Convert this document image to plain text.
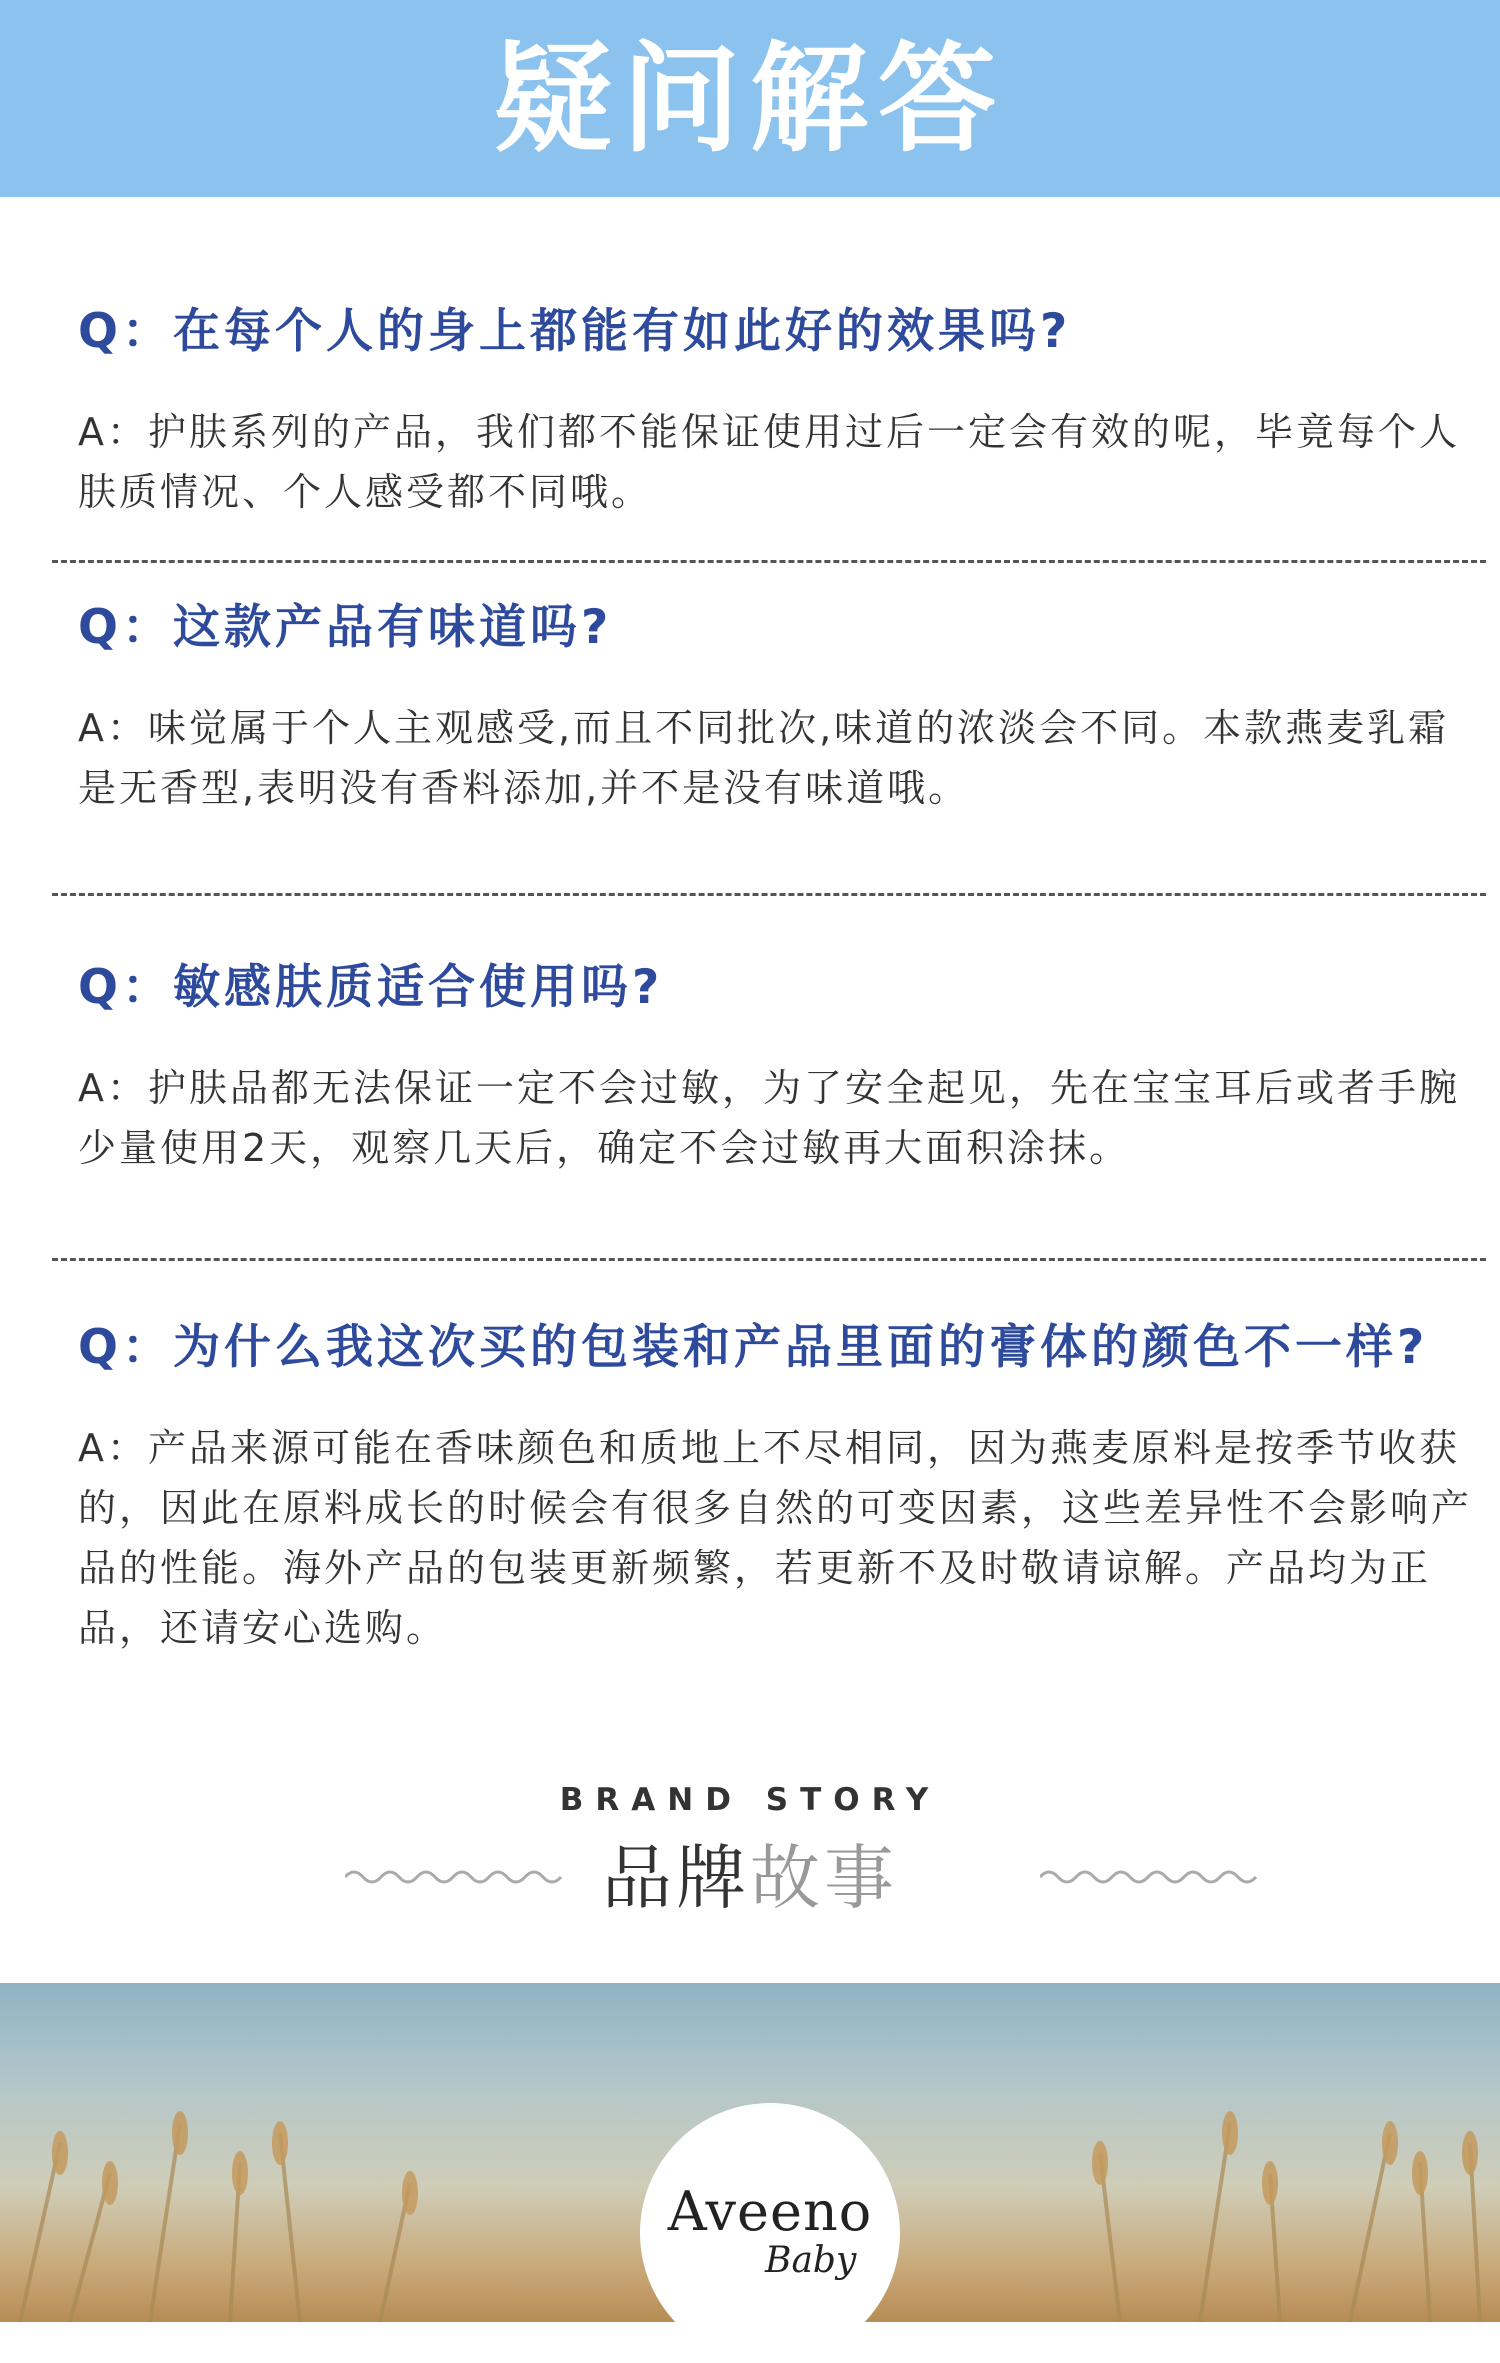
疑问解答
Q：在每个人的身上都能有如此好的效果吗?
A：护肤系列的产品，我们都不能保证使用过后一定会有效的呢，毕竟每个人肤质情况、个人感受都不同哦。
Q：这款产品有味道吗?
A：味觉属于个人主观感受,而且不同批次,味道的浓淡会不同。本款燕麦乳霜是无香型,表明没有香料添加,并不是没有味道哦。
Q：敏感肤质适合使用吗?
A：护肤品都无法保证一定不会过敏，为了安全起见，先在宝宝耳后或者手腕少量使用2天，观察几天后，确定不会过敏再大面积涂抹。
Q：为什么我这次买的包装和产品里面的膏体的颜色不一样?
A：产品来源可能在香味颜色和质地上不尽相同，因为燕麦原料是按季节收获的，因此在原料成长的时候会有很多自然的可变因素，这些差异性不会影响产品的性能。海外产品的包装更新频繁，若更新不及时敬请谅解。产品均为正品，还请安心选购。
BRAND STORY
品牌故事
Aveeno
Baby
